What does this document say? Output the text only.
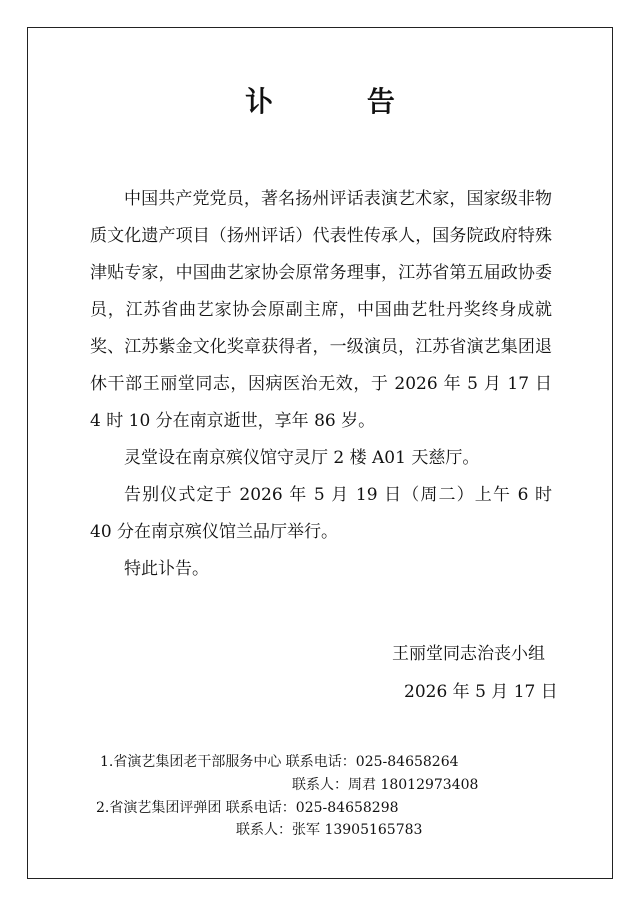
讣 告

中国共产党党员，著名扬州评话表演艺术家，国家级非物质文化遗产项目（扬州评话）代表性传承人，国务院政府特殊津贴专家，中国曲艺家协会原常务理事，江苏省第五届政协委员，江苏省曲艺家协会原副主席，中国曲艺牡丹奖终身成就奖、江苏紫金文化奖章获得者，一级演员，江苏省演艺集团退休干部王丽堂同志，因病医治无效，于 2026 年 5 月 17 日 4 时 10 分在南京逝世，享年 86 岁。

灵堂设在南京殡仪馆守灵厅 2 楼 A01 天慈厅。

告别仪式定于 2026 年 5 月 19 日（周二）上午 6 时 40 分在南京殡仪馆兰品厅举行。

特此讣告。

王丽堂同志治丧小组
2026 年 5 月 17 日
1.省演艺集团老干部服务中心 联系电话：025-84658264
联系人：周君 18012973408
2.省演艺集团评弹团 联系电话：025-84658298
联系人：张军 13905165783
